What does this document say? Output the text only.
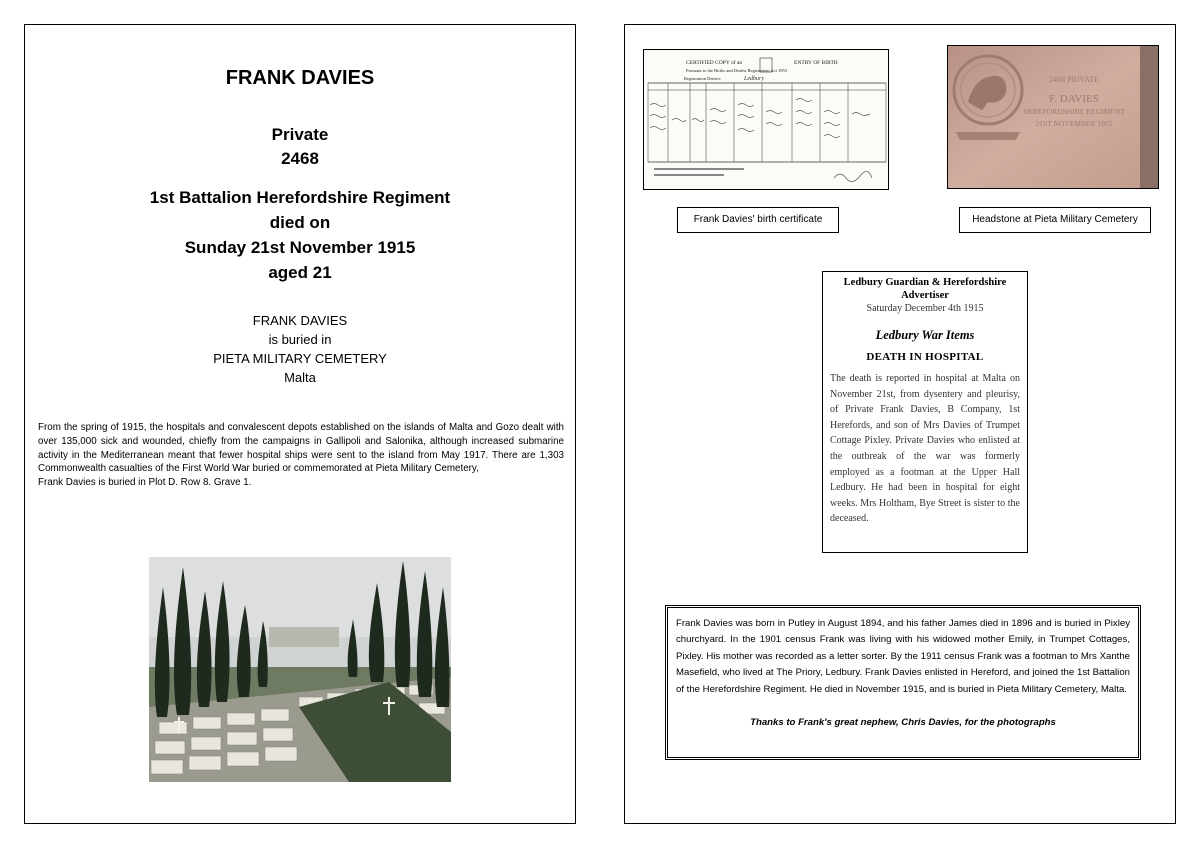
FRANK DAVIES
Private
2468
1st Battalion Herefordshire Regiment
died on
Sunday 21st November 1915
aged 21
FRANK DAVIES
is buried in
PIETA MILITARY CEMETERY
Malta
From the spring of 1915, the hospitals and convalescent depots established on the islands of Malta and Gozo dealt with over 135,000 sick and wounded, chiefly from the campaigns in Gallipoli and Salonika, although increased submarine activity in the Mediterranean meant that fewer hospital ships were sent to the island from May 1917. There are 1,303 Commonwealth casualties of the First World War buried or commemorated at Pieta Military Cemetery,
Frank Davies is buried in Plot D. Row 8. Grave 1.
CERTIFIED COPY of an	ENTRY OF BIRTH
Pursuant to the Births and Deaths Registration Act 1953
Registration District	Ledbury	2468 PRIVATE
F. DAVIES
HEREFORDSHIRE REGIMENT
21ST NOVEMBER 1915
Frank Davies' birth certificate	Headstone at Pieta Military Cemetery
Ledbury Guardian & Herefordshire Advertiser
Saturday December 4th 1915
Ledbury War Items
DEATH IN HOSPITAL
The death is reported in hospital at Malta on November 21st, from dysentery and pleurisy, of Private Frank Davies, B Company, 1st Herefords, and son of Mrs Davies of Trumpet Cottage Pixley. Private Davies who enlisted at the outbreak of the war was formerly employed as a footman at the Upper Hall Ledbury. He had been in hospital for eight weeks. Mrs Holtham, Bye Street is sister to the deceased.
Frank Davies was born in Putley in August 1894, and his father James died in 1896 and is buried in Pixley churchyard. In the 1901 census Frank was living with his widowed mother Emily, in Trumpet Cottages, Pixley. His mother was recorded as a letter sorter. By the 1911 census Frank was a footman to Mrs Xanthe Masefield, who lived at The Priory, Ledbury. Frank Davies enlisted in Hereford, and joined the 1st Battalion of the Herefordshire Regiment. He died in November 1915, and is buried in Pieta Military Cemetery, Malta.
Thanks to Frank's great nephew, Chris Davies, for the photographs
